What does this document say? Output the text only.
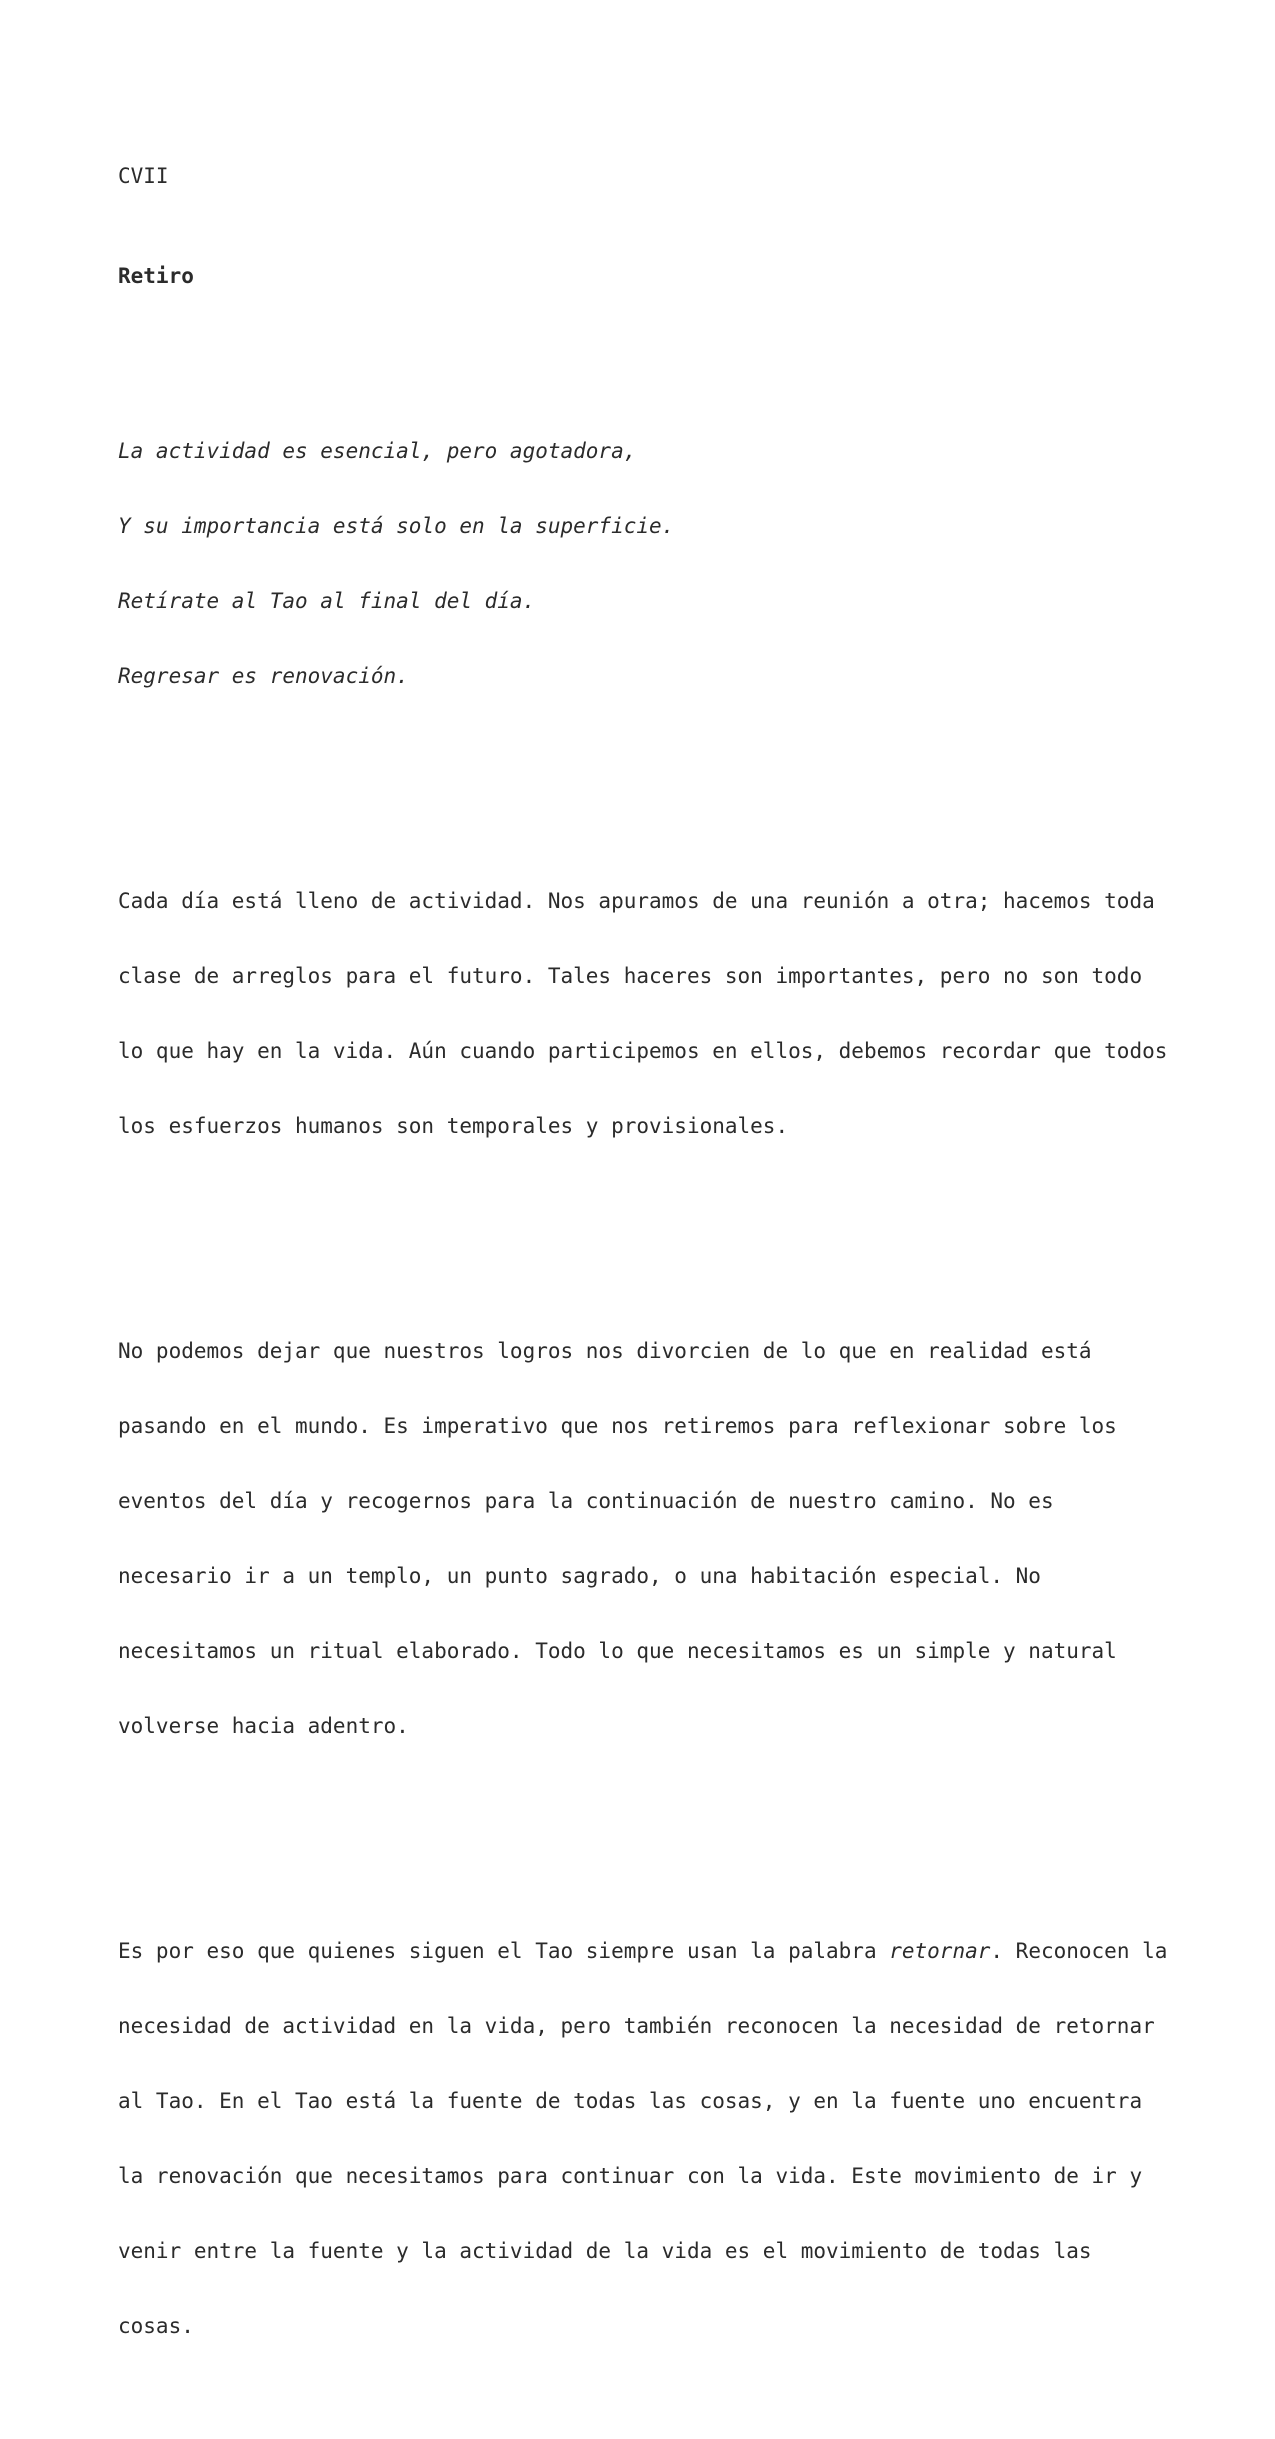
CVII

Retiro

La actividad es esencial, pero agotadora,

Y su importancia está solo en la superficie.

Retírate al Tao al final del día.

Regresar es renovación.

Cada día está lleno de actividad. Nos apuramos de una reunión a otra; hacemos toda

clase de arreglos para el futuro. Tales haceres son importantes, pero no son todo

lo que hay en la vida. Aún cuando participemos en ellos, debemos recordar que todos

los esfuerzos humanos son temporales y provisionales.

No podemos dejar que nuestros logros nos divorcien de lo que en realidad está

pasando en el mundo. Es imperativo que nos retiremos para reflexionar sobre los

eventos del día y recogernos para la continuación de nuestro camino. No es

necesario ir a un templo, un punto sagrado, o una habitación especial. No

necesitamos un ritual elaborado. Todo lo que necesitamos es un simple y natural

volverse hacia adentro.

Es por eso que quienes siguen el Tao siempre usan la palabra retornar. Reconocen la

necesidad de actividad en la vida, pero también reconocen la necesidad de retornar

al Tao. En el Tao está la fuente de todas las cosas, y en la fuente uno encuentra

la renovación que necesitamos para continuar con la vida. Este movimiento de ir y

venir entre la fuente y la actividad de la vida es el movimiento de todas las

cosas.
